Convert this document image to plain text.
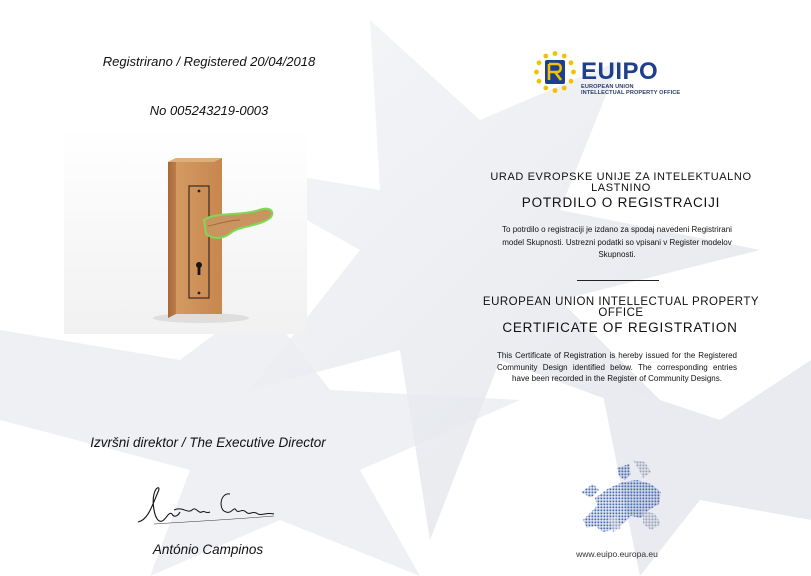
Registrirano / Registered 20/04/2018
No 005243219-0003
Izvršni direktor / The Executive Director
António Campinos
EUIPO
EUROPEAN UNION
INTELLECTUAL PROPERTY OFFICE
URAD EVROPSKE UNIJE ZA INTELEKTUALNO LASTNINO
POTRDILO O REGISTRACIJI
To potrdilo o registraciji je izdano za spodaj navedeni Registrirani model Skupnosti. Ustrezni podatki so vpisani v Register modelov Skupnosti.
EUROPEAN UNION INTELLECTUAL PROPERTY OFFICE
CERTIFICATE OF REGISTRATION
This Certificate of Registration is hereby issued for the Registered Community Design identified below. The corresponding entries have been recorded in the Register of Community Designs.
www.euipo.europa.eu
